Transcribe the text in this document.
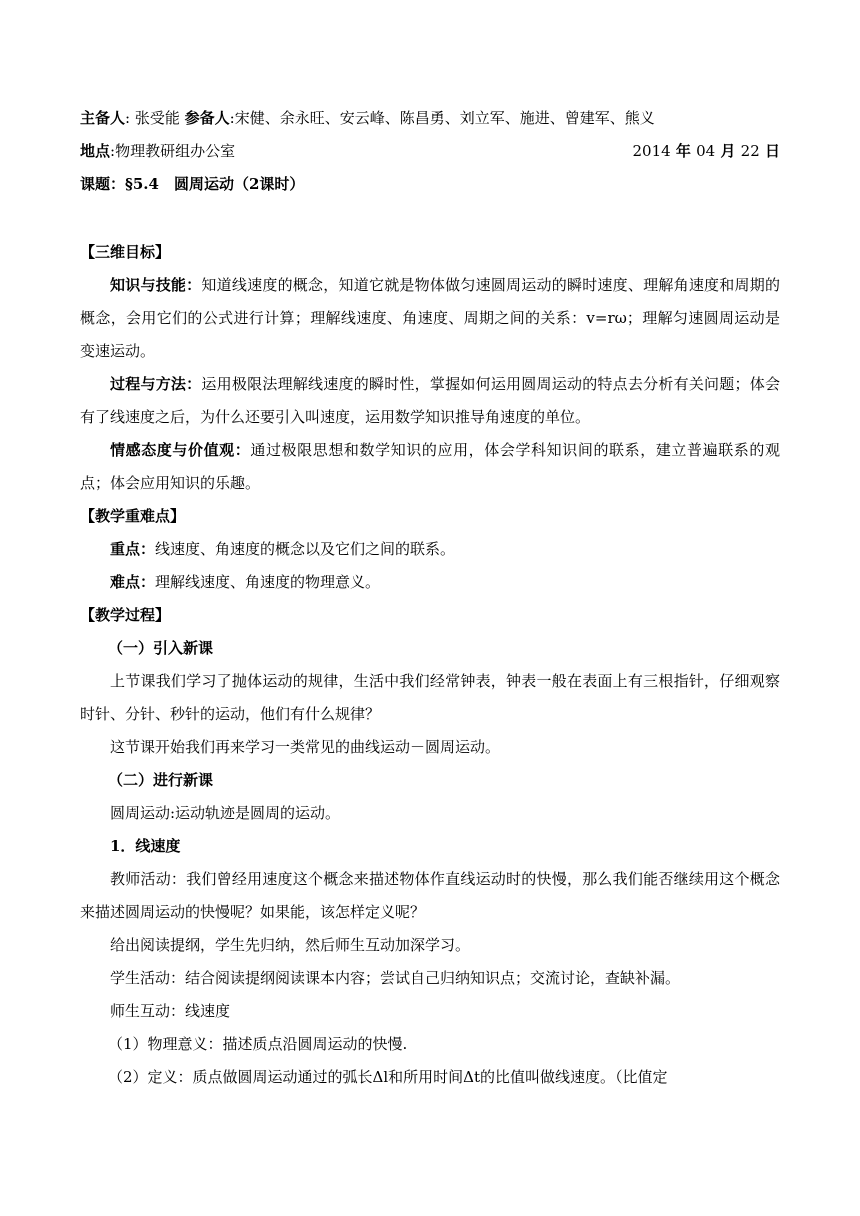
主备人: 张受能 参备人:宋健、余永旺、安云峰、陈昌勇、刘立军、施进、曾建军、熊义
地点:物理教研组办公室	2014 年 04 月 22 日
课题：§5.4　圆周运动（2课时）
【三维目标】

知识与技能：知道线速度的概念，知道它就是物体做匀速圆周运动的瞬时速度、理解角速度和周期的概念，会用它们的公式进行计算；理解线速度、角速度、周期之间的关系：v=rω；理解匀速圆周运动是变速运动。

过程与方法：运用极限法理解线速度的瞬时性，掌握如何运用圆周运动的特点去分析有关问题；体会有了线速度之后，为什么还要引入叫速度，运用数学知识推导角速度的单位。

情感态度与价值观：通过极限思想和数学知识的应用，体会学科知识间的联系，建立普遍联系的观点；体会应用知识的乐趣。

【教学重难点】
重点：线速度、角速度的概念以及它们之间的联系。
难点：理解线速度、角速度的物理意义。
【教学过程】
（一）引入新课

上节课我们学习了抛体运动的规律，生活中我们经常钟表，钟表一般在表面上有三根指针，仔细观察时针、分针、秒针的运动，他们有什么规律？

这节课开始我们再来学习一类常见的曲线运动－圆周运动。

（二）进行新课
圆周运动:运动轨迹是圆周的运动。
1．线速度

教师活动：我们曾经用速度这个概念来描述物体作直线运动时的快慢，那么我们能否继续用这个概念来描述圆周运动的快慢呢？如果能，该怎样定义呢？

给出阅读提纲，学生先归纳，然后师生互动加深学习。
学生活动：结合阅读提纲阅读课本内容；尝试自己归纳知识点；交流讨论，查缺补漏。
师生互动：线速度
（1）物理意义：描述质点沿圆周运动的快慢.
（2）定义：质点做圆周运动通过的弧长Δl和所用时间Δt的比值叫做线速度。（比值定
